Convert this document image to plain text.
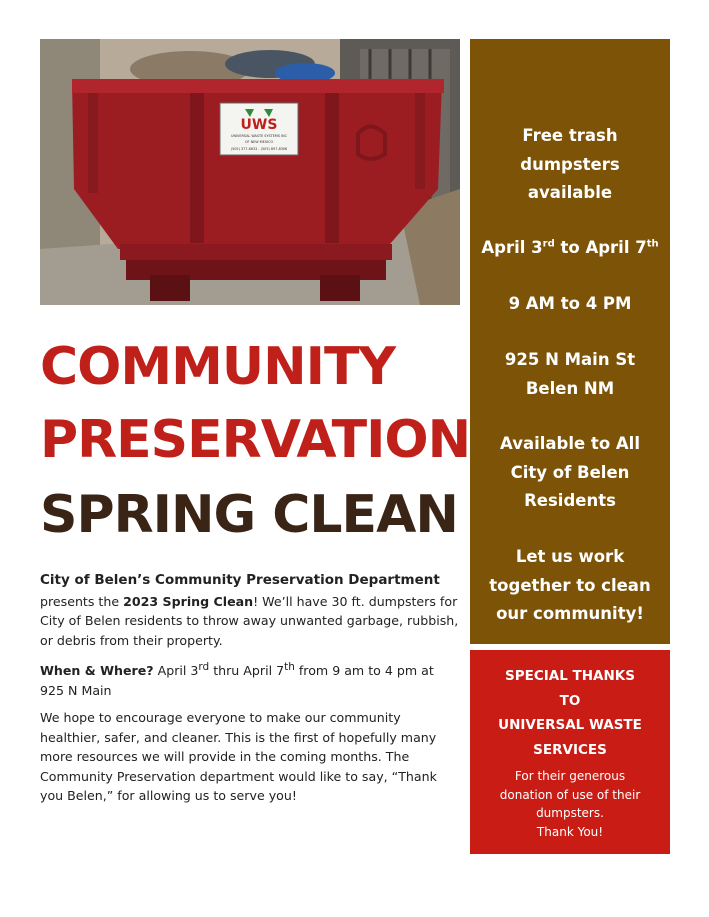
UWS
UNIVERSAL WASTE SYSTEMS INC
OF NEW MEXICO
(505) 377-8633 - (505) 897-8306
COMMUNITY
PRESERVATION
SPRING CLEAN

City of Belen’s Community Preservation Department
presents the 2023 Spring Clean! We’ll have 30 ft. dumpsters for City of Belen residents to throw away unwanted garbage, rubbish, or debris from their property.

When & Where? April 3rd thru April 7th from 9 am to 4 pm at 925 N Main

We hope to encourage everyone to make our community healthier, safer, and cleaner. This is the first of hopefully many more resources we will provide in the coming months. The Community Preservation department would like to say, “Thank you Belen,” for allowing us to serve you!

Free trash
dumpsters
available
April 3rd to April 7th
9 AM to 4 PM
925 N Main St
Belen NM
Available to All
City of Belen
Residents
Let us work
together to clean
our community!
SPECIAL THANKS
TO
UNIVERSAL WASTE
SERVICES
For their generous
donation of use of their
dumpsters.
Thank You!
